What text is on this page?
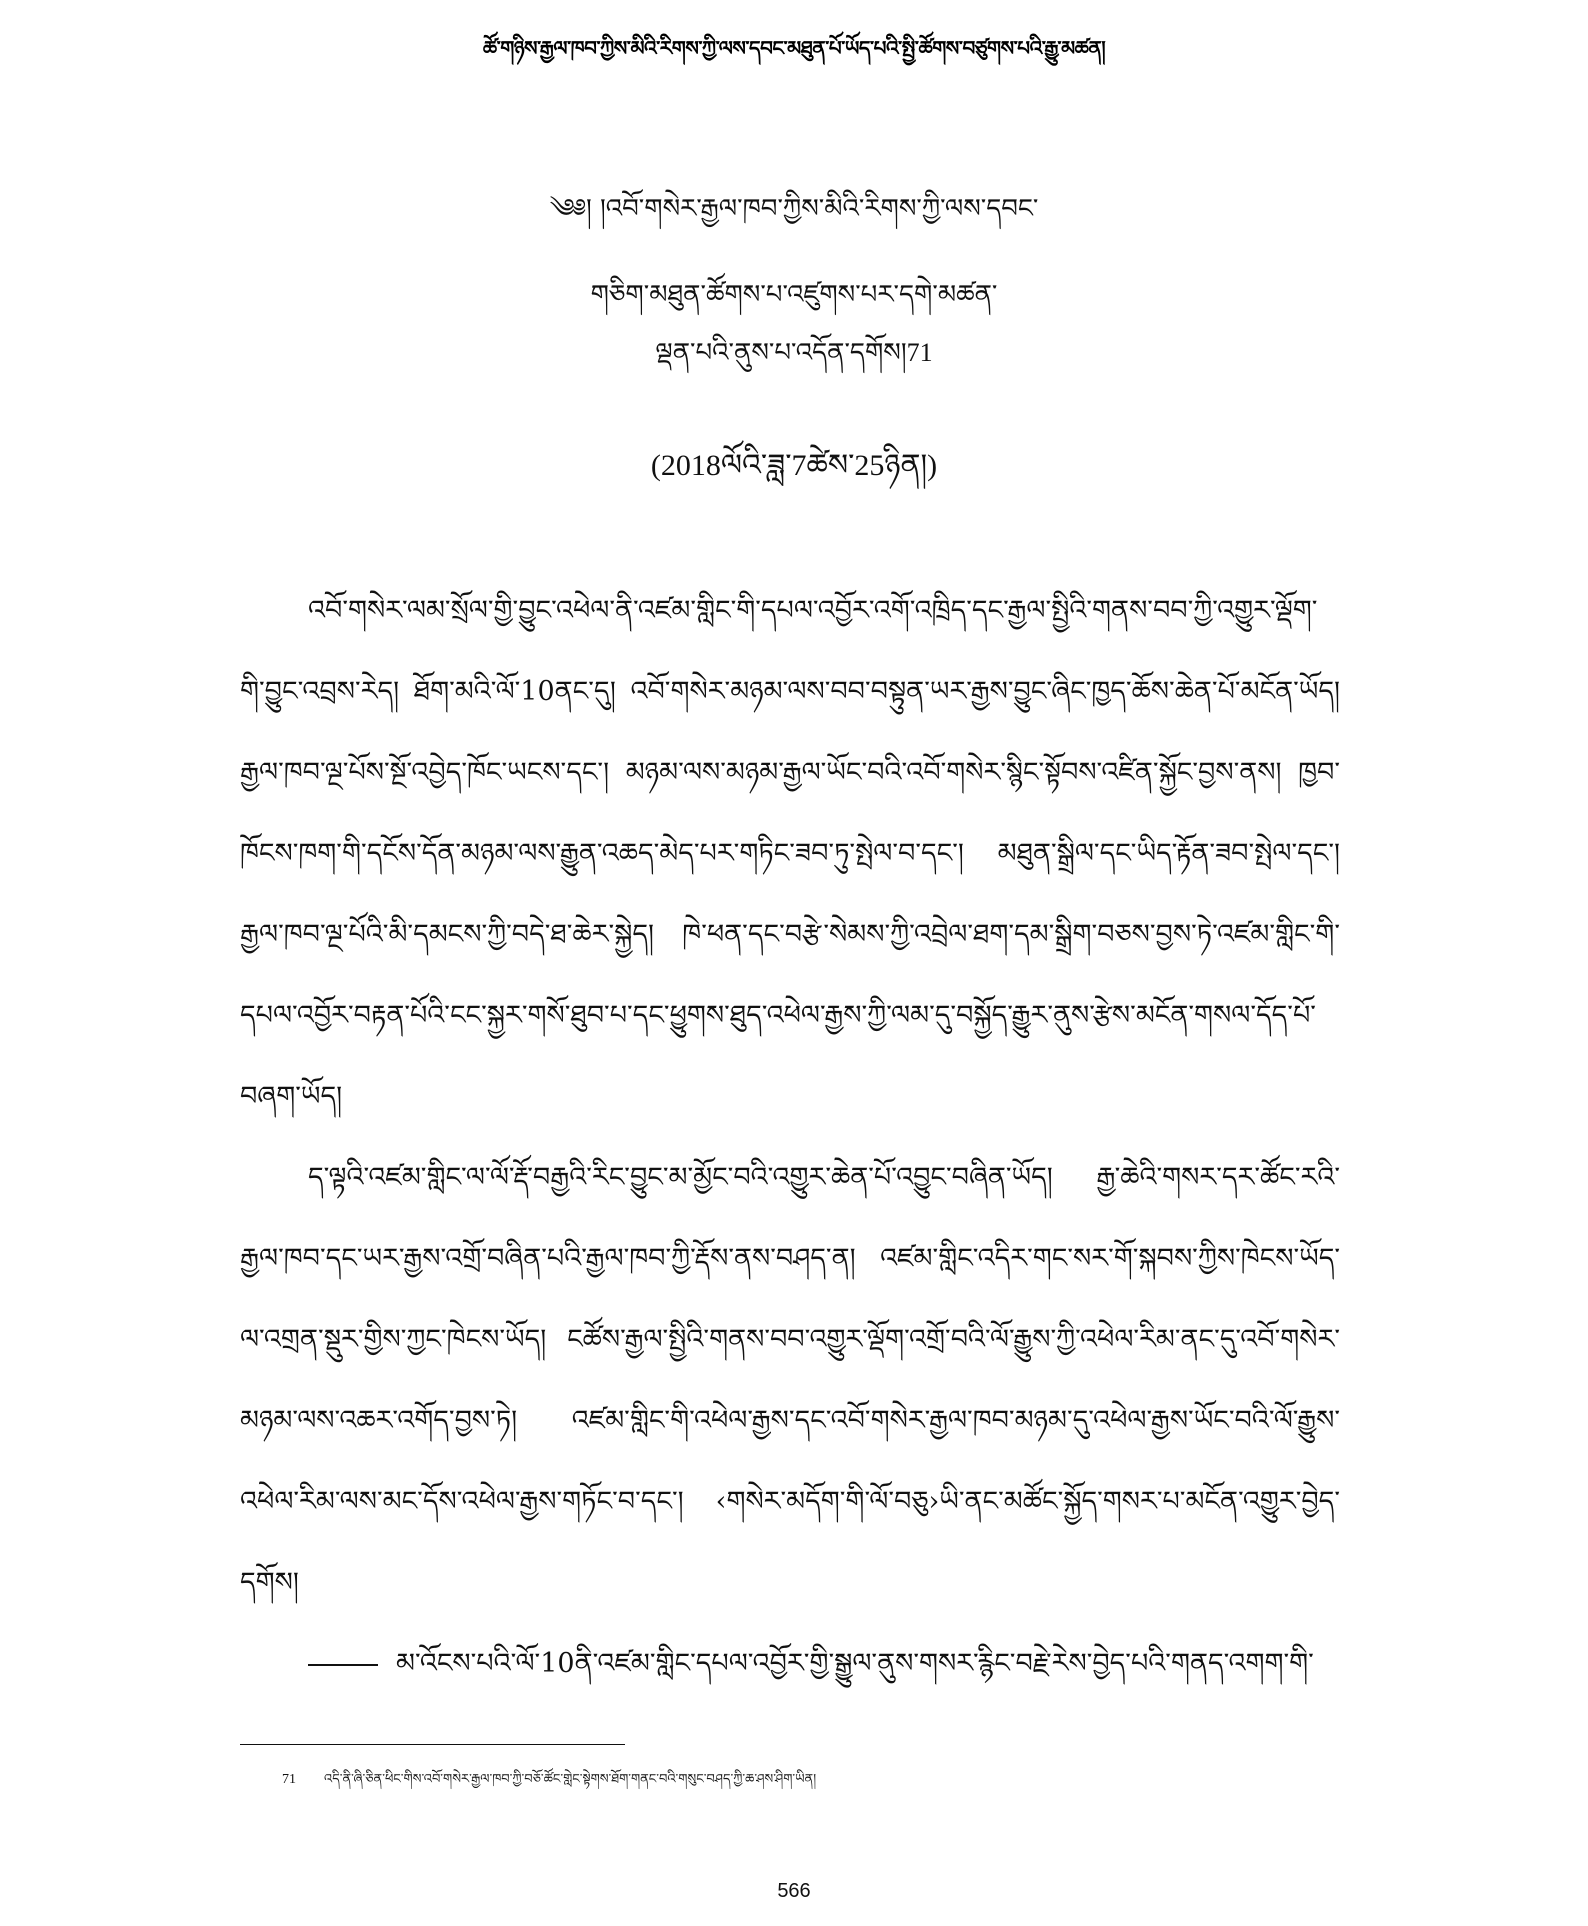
ཚོ་གཉིས་རྒྱལ་ཁབ་ཀྱིས་མིའི་རིགས་ཀྱི་ལས་དབང་མཐུན་པོ་ཡོད་པའི་སྤྱི་ཚོགས་བཙུགས་པའི་རྒྱུ་མཚན།
༄༅། །འབོ་གསེར་རྒྱལ་ཁབ་ཀྱིས་མིའི་རིགས་ཀྱི་ལས་དབང་
གཅིག་མཐུན་ཚོགས་པ་འཛུགས་པར་དགེ་མཚན་
ལྡན་པའི་ནུས་པ་འདོན་དགོས།71
(2018ལོའི་ཟླ་7ཚེས་25ཉིན།)

འབོ་གསེར་ལམ་སྲོལ་གྱི་བྱུང་འཕེལ་ནི་འཛམ་གླིང་གི་དཔལ་འབྱོར་འགོ་འཁྲིད་དང་རྒྱལ་སྤྱིའི་གནས་བབ་ཀྱི་འགྱུར་ལྡོག་གི་བྱུང་འབྲས་རེད། ཐོག་མའི་ལོ་10ནང་དུ། འབོ་གསེར་མཉམ་ལས་བབ་བསྟུན་ཡར་རྒྱས་བྱུང་ཞིང་ཁྱད་ཆོས་ཆེན་པོ་མངོན་ཡོད། རྒྱལ་ཁབ་ལྔ་པོས་སྔོ་འབྱེད་ཁོང་ཡངས་དང་། མཉམ་ལས་མཉམ་རྒྱལ་ཡོང་བའི་འབོ་གསེར་སྙིང་སྟོབས་འཛིན་སྐྱོང་བྱས་ནས། ཁྱབ་ཁོངས་ཁག་གི་དངོས་དོན་མཉམ་ལས་རྒྱུན་འཆད་མེད་པར་གཏིང་ཟབ་ཏུ་སྤེལ་བ་དང་། མཐུན་སྒྲིལ་དང་ཡིད་རྟོན་ཟབ་སྤེལ་དང་། རྒྱལ་ཁབ་ལྔ་པོའི་མི་དམངས་ཀྱི་བདེ་ཐ་ཆེར་སྐྱེད། ཁེ་ཕན་དང་བརྩེ་སེམས་ཀྱི་འབྲེལ་ཐག་དམ་སྒྲིག་བཅས་བྱས་ཏེ་འཛམ་གླིང་གི་དཔལ་འབྱོར་བརྟན་པོའི་ངང་སྐྱར་གསོ་ཐུབ་པ་དང་ཕྱུགས་ཐུད་འཕེལ་རྒྱས་ཀྱི་ལམ་དུ་བསྐྱོད་རྒྱུར་ནུས་རྩེས་མངོན་གསལ་དོད་པོ་བཞག་ཡོད།

ད་ལྟའི་འཛམ་གླིང་ལ་ལོ་རྡོ་བརྒྱའི་རིང་བྱུང་མ་མྱོང་བའི་འགྱུར་ཆེན་པོ་འབྱུང་བཞིན་ཡོད། རྒྱ་ཆེའི་གསར་དར་ཚོང་རའི་རྒྱལ་ཁབ་དང་ཡར་རྒྱས་འགྲོ་བཞིན་པའི་རྒྱལ་ཁབ་ཀྱི་རྡོས་ནས་བཤད་ན། འཛམ་གླིང་འདིར་གང་སར་གོ་སྐབས་ཀྱིས་ཁེངས་ཡོད་ལ་འགྲན་སྡུར་གྱིས་ཀྱང་ཁེངས་ཡོད། ངཚོས་རྒྱལ་སྤྱིའི་གནས་བབ་འགྱུར་ལྡོག་འགྲོ་བའི་ལོ་རྒྱུས་ཀྱི་འཕེལ་རིམ་ནང་དུ་འབོ་གསེར་མཉམ་ལས་འཆར་འགོད་བྱས་ཏེ། འཛམ་གླིང་གི་འཕེལ་རྒྱས་དང་འབོ་གསེར་རྒྱལ་ཁབ་མཉམ་དུ་འཕེལ་རྒྱས་ཡོང་བའི་ལོ་རྒྱུས་འཕེལ་རིམ་ལས་མང་དོས་འཕེལ་རྒྱས་གཏོང་བ་དང་། ‹གསེར་མདོག་གི་ལོ་བཅུ›ཡི་ནང་མཚོང་སྐྱོད་གསར་པ་མངོན་འགྱུར་བྱེད་དགོས།

མ་འོངས་པའི་ལོ་10ནི་འཛམ་གླིང་དཔལ་འབྱོར་གྱི་སྒྱུལ་ནུས་གསར་རྙིང་བརྗེ་རེས་བྱེད་པའི་གནད་འགག་གི་

71 འདི་ནི་ཞི་ཅིན་ཕིང་གིས་འབོ་གསེར་རྒྱལ་ཁབ་ཀྱི་བཅོ་ཚོང་གླེང་སྟེགས་ཐོག་གནང་བའི་གསུང་བཤད་ཀྱི་ཆ་ཤས་ཤིག་ཡིན།
566
